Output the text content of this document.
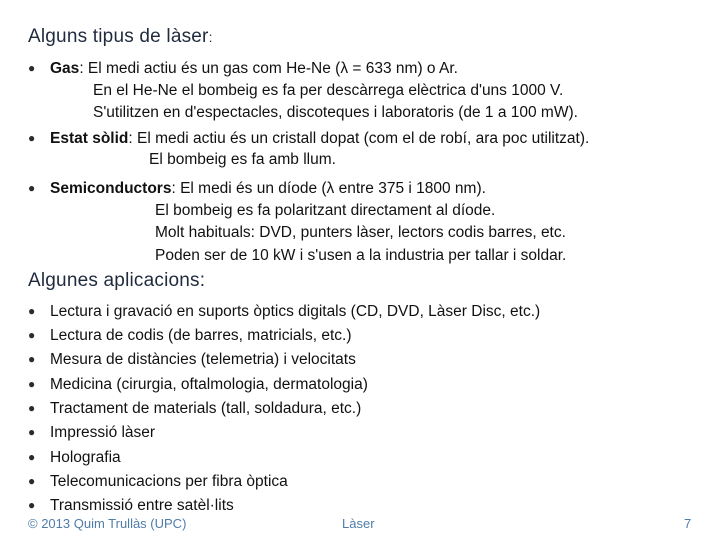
Alguns tipus de làser:
● Gas: El medi actiu és un gas com He-Ne (λ = 633 nm) o Ar.
En el He-Ne el bombeig es fa per descàrrega elèctrica d'uns 1000 V.
S'utilitzen en d'espectacles, discoteques i laboratoris (de 1 a 100 mW).
● Estat sòlid: El medi actiu és un cristall dopat (com el de robí, ara poc utilitzat).
El bombeig es fa amb llum.
● Semiconductors: El medi és un díode (λ entre 375 i 1800 nm).
El bombeig es fa polaritzant directament al díode.
Molt habituals: DVD, punters làser, lectors codis barres, etc.
Poden ser de 10 kW i s'usen a la industria per tallar i soldar.
Algunes aplicacions:
● Lectura i gravació en suports òptics digitals (CD, DVD, Làser Disc, etc.)
● Lectura de codis (de barres, matricials, etc.)
● Mesura de distàncies (telemetria) i velocitats
● Medicina (cirurgia, oftalmologia, dermatologia)
● Tractament de materials (tall, soldadura, etc.)
● Impressió làser
● Holografia
● Telecomunicacions per fibra òptica
● Transmissió entre satèl·lits
© 2013 Quim Trullàs (UPC)	Làser	7
